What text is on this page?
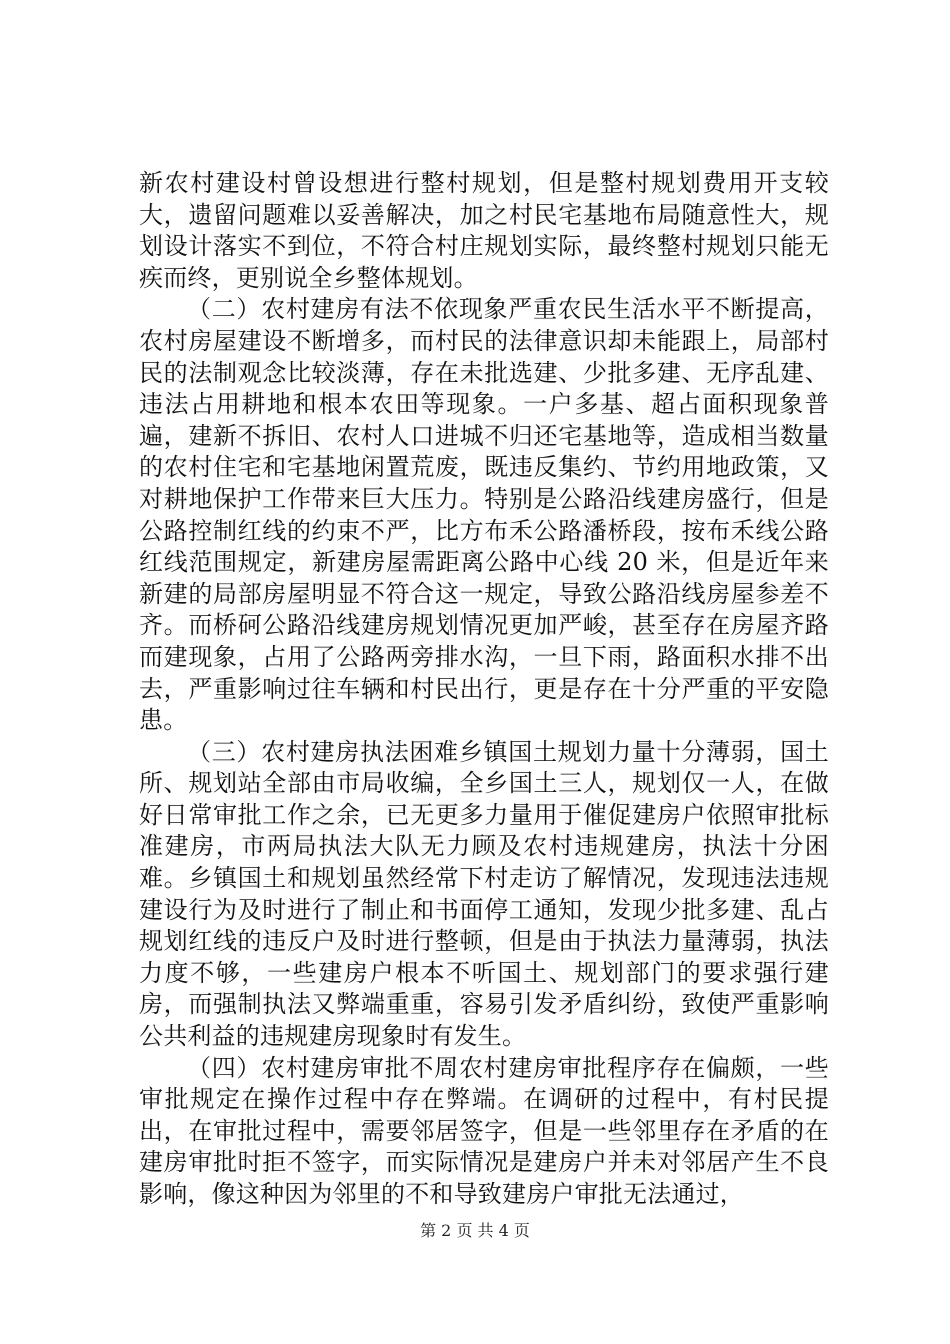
新农村建设村曾设想进行整村规划，但是整村规划费用开支较大，遗留问题难以妥善解决，加之村民宅基地布局随意性大，规划设计落实不到位，不符合村庄规划实际，最终整村规划只能无疾而终，更别说全乡整体规划。

（二）农村建房有法不依现象严重农民生活水平不断提高，农村房屋建设不断增多，而村民的法律意识却未能跟上，局部村民的法制观念比较淡薄，存在未批选建、少批多建、无序乱建、违法占用耕地和根本农田等现象。一户多基、超占面积现象普遍，建新不拆旧、农村人口进城不归还宅基地等，造成相当数量的农村住宅和宅基地闲置荒废，既违反集约、节约用地政策，又对耕地保护工作带来巨大压力。特别是公路沿线建房盛行，但是公路控制红线的约束不严，比方布禾公路潘桥段，按布禾线公路红线范围规定，新建房屋需距离公路中心线 20 米，但是近年来新建的局部房屋明显不符合这一规定，导致公路沿线房屋参差不齐。而桥砢公路沿线建房规划情况更加严峻，甚至存在房屋齐路而建现象，占用了公路两旁排水沟，一旦下雨，路面积水排不出去，严重影响过往车辆和村民出行，更是存在十分严重的平安隐患。

（三）农村建房执法困难乡镇国土规划力量十分薄弱，国土所、规划站全部由市局收编，全乡国土三人，规划仅一人，在做好日常审批工作之余，已无更多力量用于催促建房户依照审批标准建房，市两局执法大队无力顾及农村违规建房，执法十分困难。乡镇国土和规划虽然经常下村走访了解情况，发现违法违规建设行为及时进行了制止和书面停工通知，发现少批多建、乱占规划红线的违反户及时进行整顿，但是由于执法力量薄弱，执法力度不够，一些建房户根本不听国土、规划部门的要求强行建房，而强制执法又弊端重重，容易引发矛盾纠纷，致使严重影响公共利益的违规建房现象时有发生。

（四）农村建房审批不周农村建房审批程序存在偏颇，一些审批规定在操作过程中存在弊端。在调研的过程中，有村民提出，在审批过程中，需要邻居签字，但是一些邻里存在矛盾的在建房审批时拒不签字，而实际情况是建房户并未对邻居产生不良影响，像这种因为邻里的不和导致建房户审批无法通过，

第 2 页 共 4 页
